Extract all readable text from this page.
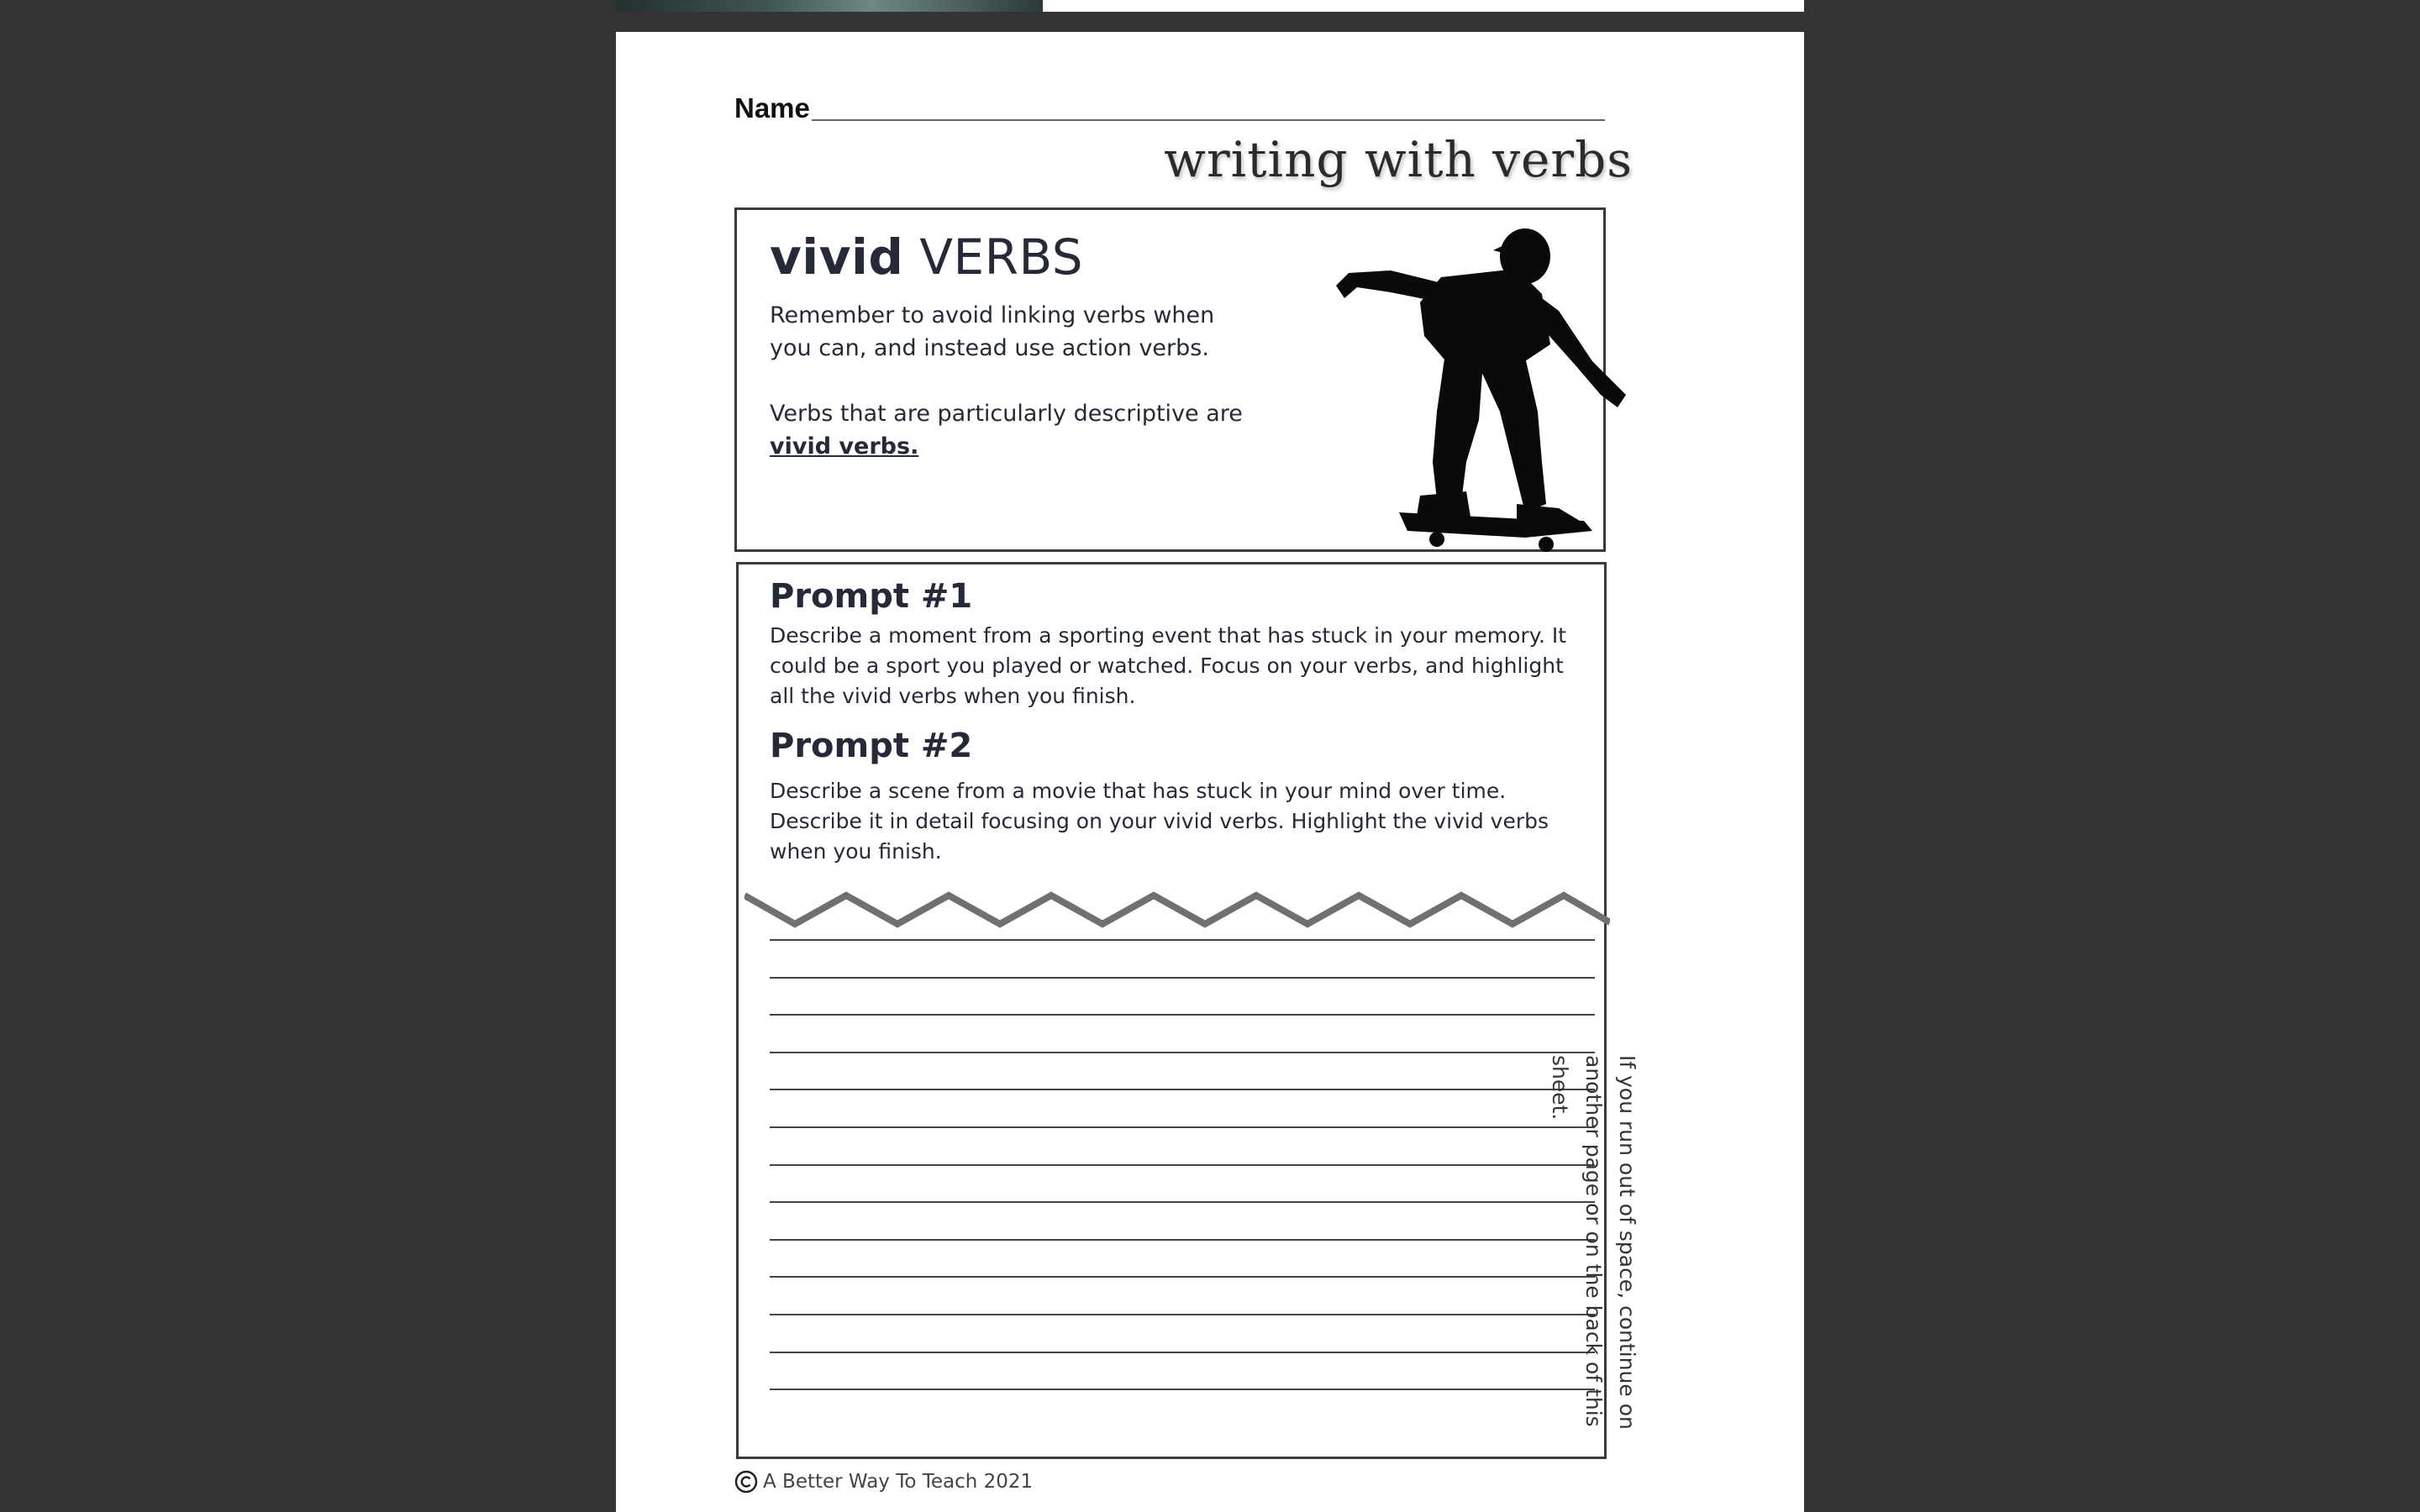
Name
writing with verbs
vivid VERBS
Remember to avoid linking verbs when you can, and instead use action verbs.
Verbs that are particularly descriptive are vivid verbs.
Prompt #1
Describe a moment from a sporting event that has stuck in your memory. It could be a sport you played or watched. Focus on your verbs, and highlight all the vivid verbs when you finish.
Prompt #2
Describe a scene from a movie that has stuck in your mind over time. Describe it in detail focusing on your vivid verbs. Highlight the vivid verbs when you finish.
If you run out of space, continue on another page or on the back of this sheet.
A Better Way To Teach 2021
